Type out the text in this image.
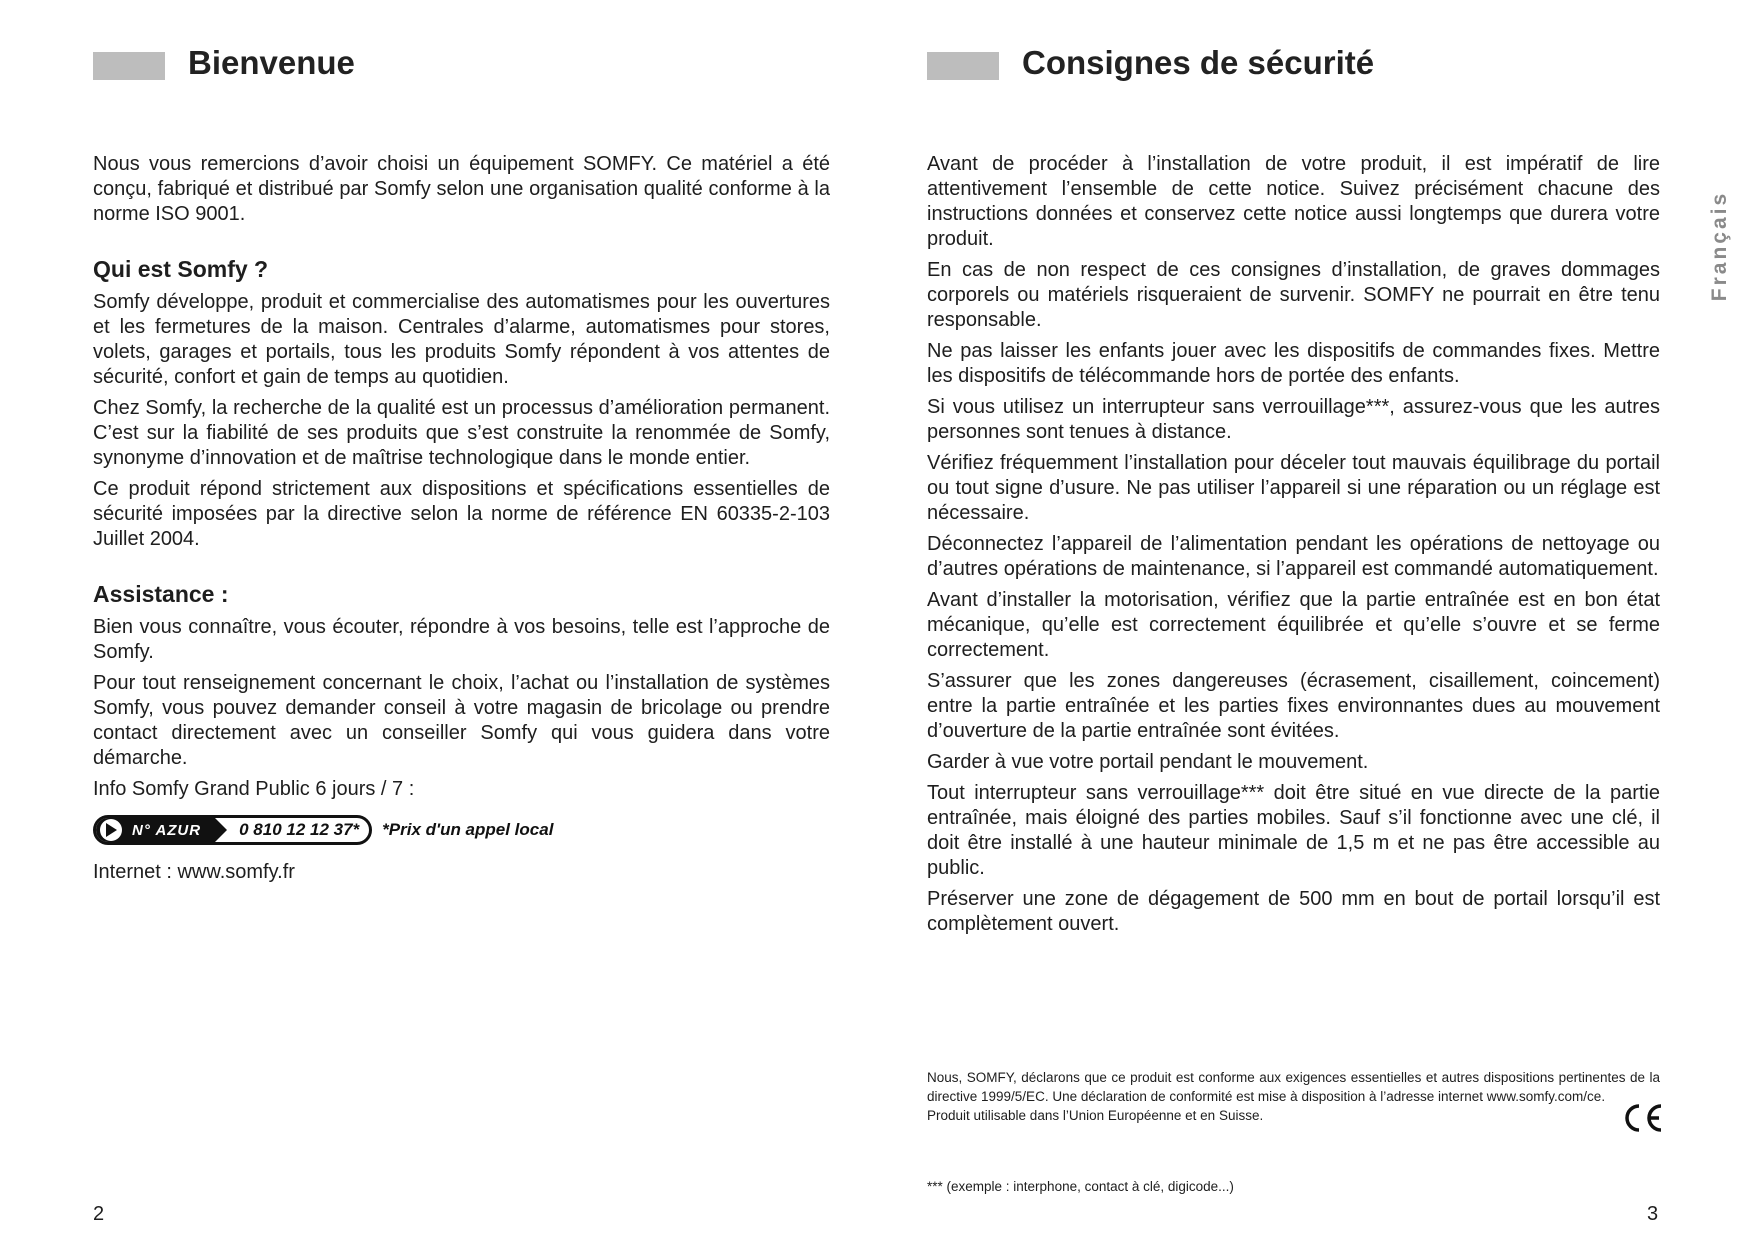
Bienvenue

Nous vous remercions d’avoir choisi un équipement SOMFY. Ce matériel a été conçu, fabriqué et distribué par Somfy selon une organisation qualité conforme à la norme ISO 9001.

Qui est Somfy ?

Somfy développe, produit et commercialise des automatismes pour les ouvertures et les fermetures de la maison. Centrales d’alarme, automatismes pour stores, volets, garages et portails, tous les produits Somfy répondent à vos attentes de sécurité, confort et gain de temps au quotidien.

Chez Somfy, la recherche de la qualité est un processus d’amélioration permanent. C’est sur la fiabilité de ses produits que s’est construite la renommée de Somfy, synonyme d’innovation et de maîtrise technologique dans le monde entier.

Ce produit répond strictement aux dispositions et spécifications essentielles de sécurité imposées par la directive selon la norme de référence EN 60335-2-103 Juillet 2004.

Assistance :

Bien vous connaître, vous écouter, répondre à vos besoins, telle est l’approche de Somfy.

Pour tout renseignement concernant le choix, l’achat ou l’installation de systèmes Somfy, vous pouvez demander conseil à votre magasin de bricolage ou prendre contact directement avec un conseiller Somfy qui vous guidera dans votre démarche.

Info Somfy Grand Public 6 jours / 7 :

N° AZUR	0 810 12 12 37*	*Prix d'un appel local

Internet : www.somfy.fr

Consignes de sécurité

Avant de procéder à l’installation de votre produit, il est impératif de lire attentivement l’ensemble de cette notice. Suivez précisément chacune des instructions données et conservez cette notice aussi longtemps que durera votre produit.

En cas de non respect de ces consignes d’installation, de graves dommages corporels ou matériels risqueraient de survenir. SOMFY ne pourrait en être tenu responsable.

Ne pas laisser les enfants jouer avec les dispositifs de commandes fixes. Mettre les dispositifs de télécommande hors de portée des enfants.

Si vous utilisez un interrupteur sans verrouillage***, assurez-vous que les autres personnes sont tenues à distance.

Vérifiez fréquemment l’installation pour déceler tout mauvais équilibrage du portail ou tout signe d’usure. Ne pas utiliser l’appareil si une réparation ou un réglage est nécessaire.

Déconnectez l’appareil de l’alimentation pendant les opérations de nettoyage ou d’autres opérations de maintenance, si l’appareil est commandé automatiquement.

Avant d’installer la motorisation, vérifiez que la partie entraînée est en bon état mécanique, qu’elle est correctement équilibrée et qu’elle s’ouvre et se ferme correctement.

S’assurer que les zones dangereuses (écrasement, cisaillement, coincement) entre la partie entraînée et les parties fixes environnantes dues au mouvement d’ouverture de la partie entraînée sont évitées.

Garder à vue votre portail pendant le mouvement.

Tout interrupteur sans verrouillage*** doit être situé en vue directe de la partie entraînée, mais éloigné des parties mobiles. Sauf s’il fonctionne avec une clé, il doit être installé à une hauteur minimale de 1,5 m et ne pas être accessible au public.

Préserver une zone de dégagement de 500 mm en bout de portail lorsqu’il est complètement ouvert.

Français

Nous, SOMFY, déclarons que ce produit est conforme aux exigences essentielles et autres dispositions pertinentes de la directive 1999/5/EC. Une déclaration de conformité est mise à disposition à l’adresse internet www.somfy.com/ce.

Produit utilisable dans l’Union Européenne et en Suisse.

*** (exemple : interphone, contact à clé, digicode...)
2	3
